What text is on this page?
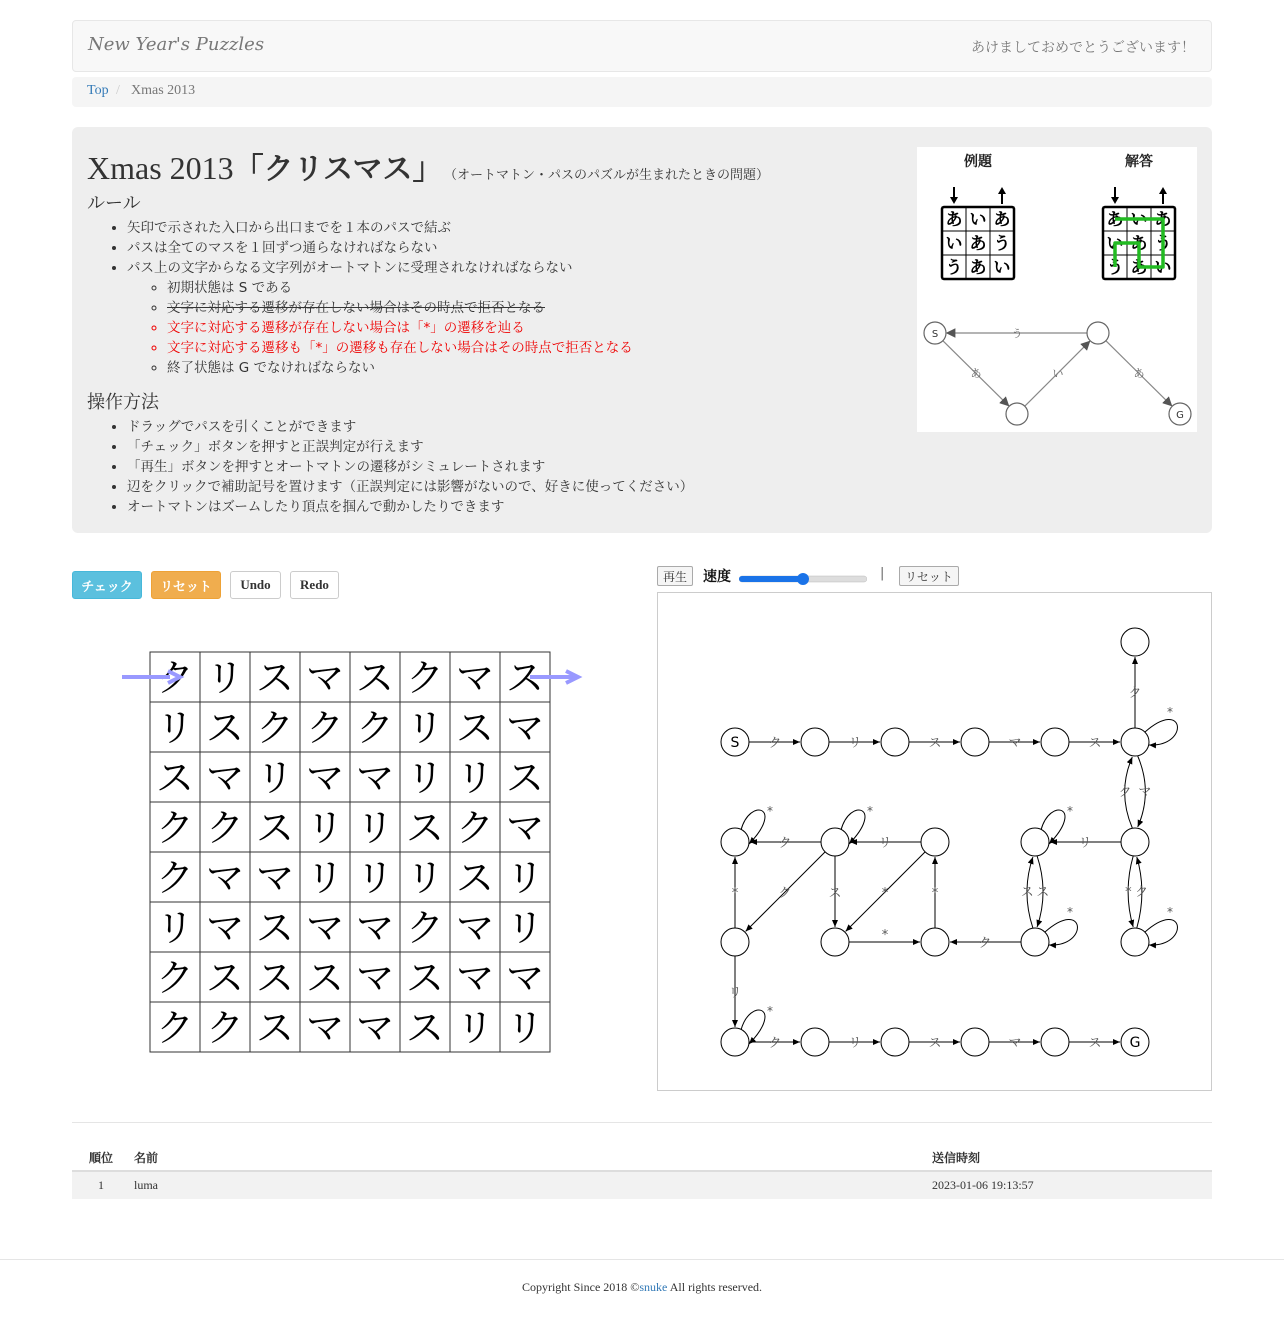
New Year's Puzzles	あけましておめでとうございます！
Top / Xmas 2013
Xmas 2013「クリスマス」 （オートマトン・パスのパズルが生まれたときの問題）
ルール
• 矢印で示された入口から出口までを１本のパスで結ぶ
• パスは全てのマスを１回ずつ通らなければならない
• パス上の文字からなる文字列がオートマトンに受理されなければならない
◦ 初期状態は S である
◦ 文字に対応する遷移が存在しない場合はその時点で拒否となる
◦ 文字に対応する遷移が存在しない場合は「*」の遷移を辿る
◦ 文字に対応する遷移も「*」の遷移も存在しない場合はその時点で拒否となる
◦ 終了状態は G でなければならない
操作方法
• ドラッグでパスを引くことができます
• 「チェック」ボタンを押すと正誤判定が行えます
• 「再生」ボタンを押すとオートマトンの遷移がシミュレートされます
• 辺をクリックで補助記号を置けます（正誤判定には影響がないので、好きに使ってください）
• オートマトンはズームしたり頂点を掴んで動かしたりできます
例題	解答
あ い あ
い あ う
う あ い
あ い あ
い あ う
う あ い
う
あ	い	あ
S
G
チェック	リセット	Undo	Redo
ク リ ス マ ス ク マ ス
リ ス ク ク ク リ ス マ
ス マ リ マ マ リ リ ス
ク ク ス リ リ ス ク マ
ク マ マ リ リ リ ス リ
リ マ ス マ マ ク マ リ
ク ス ス ス マ ス マ マ
ク ク ス マ マ ス リ リ
再生	速度	|	リセット
ク	リ	ス	マ	ス
ク
*
マ
ク
ク	リ	リ
*	*	*
*	ク	ス	*	*
*
ク
ス
ス
*
* ク
*
リ
*
ク	リ	ス	マ	ス
S
G
順位 名前	送信時刻
1	luma	2023-01-06 19:13:57
Copyright Since 2018 ©snuke All rights reserved.
